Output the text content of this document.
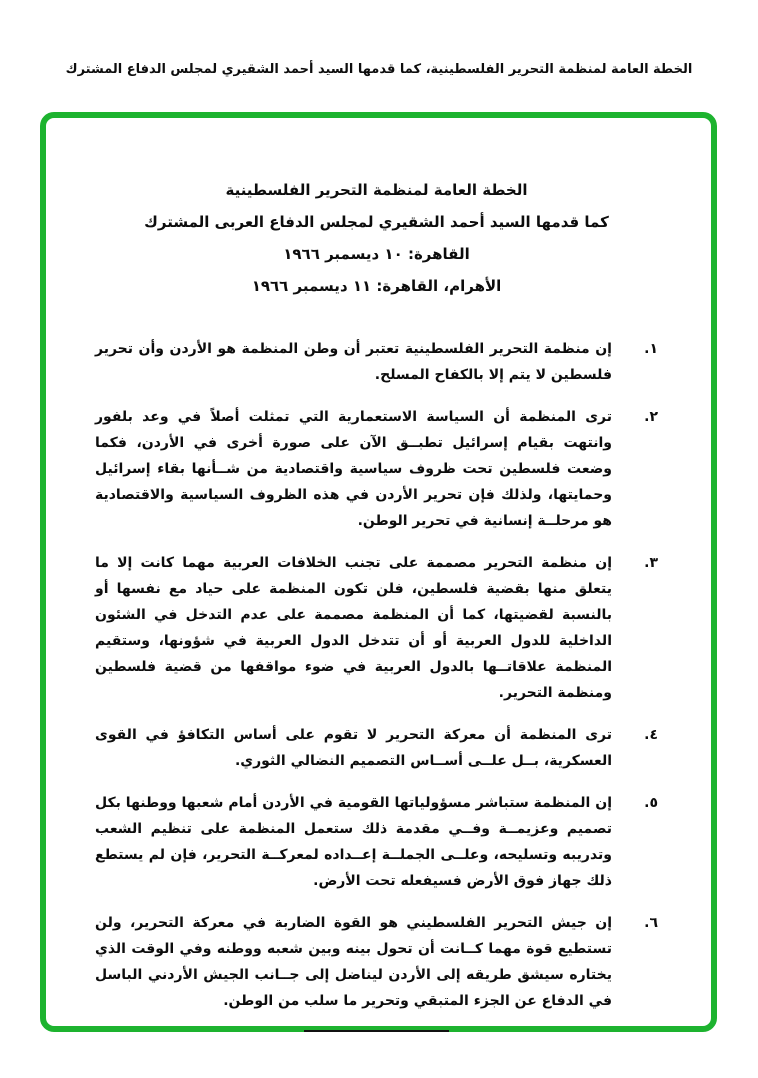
الخطة العامة لمنظمة التحرير الفلسطينية، كما قدمها السيد أحمد الشقيري لمجلس الدفاع المشترك
الخطة العامة لمنظمة التحرير الفلسطينية
كما قدمها السيد أحمد الشقيري لمجلس الدفاع العربى المشترك
القاهرة: ١٠ ديسمبر ١٩٦٦
الأهرام، القاهرة: ١١ ديسمبر ١٩٦٦
١.
إن منظمة التحرير الفلسطينية تعتبر أن وطن المنظمة هو الأردن وأن تحرير فلسطين لا يتم إلا بالكفاح المسلح.
٢.
ترى المنظمة أن السياسة الاستعمارية التي تمثلت أصلاً في وعد بلفور وانتهت بقيام إسرائيل تطبــق الآن على صورة أخرى في الأردن، فكما وضعت فلسطين تحت ظروف سياسية واقتصادية من شــأنها بقاء إسرائيل وحمايتها، ولذلك فإن تحرير الأردن في هذه الظروف السياسية والاقتصادية هو مرحلــة إنسانية في تحرير الوطن.
٣.
إن منظمة التحرير مصممة على تجنب الخلافات العربية مهما كانت إلا ما يتعلق منها بقضية فلسطين، فلن تكون المنظمة على حياد مع نفسها أو بالنسبة لقضيتها، كما أن المنظمة مصممة على عدم التدخل في الشئون الداخلية للدول العربية أو أن تتدخل الدول العربية في شؤونها، وستقيم المنظمة علاقاتــها بالدول العربية في ضوء مواقفها من قضية فلسطين ومنظمة التحرير.
٤.
ترى المنظمة أن معركة التحرير لا تقوم على أساس التكافؤ في القوى العسكرية، بــل علــى أســاس التصميم النضالي الثوري.
٥.
إن المنظمة ستباشر مسؤولياتها القومية في الأردن أمام شعبها ووطنها بكل تصميم وعزيمــة وفــي مقدمة ذلك ستعمل المنظمة على تنظيم الشعب وتدريبه وتسليحه، وعلــى الجملــة إعــداده لمعركــة التحرير، فإن لم يستطع ذلك جهاز فوق الأرض فسيفعله تحت الأرض.
٦.
إن جيش التحرير الفلسطيني هو القوة الضاربة في معركة التحرير، ولن تستطيع قوة مهما كــانت أن تحول بينه وبين شعبه ووطنه وفي الوقت الذي يختاره سيشق طريقه إلى الأردن ليناضل إلى جــانب الجيش الأردني الباسل في الدفاع عن الجزء المتبقي وتحرير ما سلب من الوطن.
